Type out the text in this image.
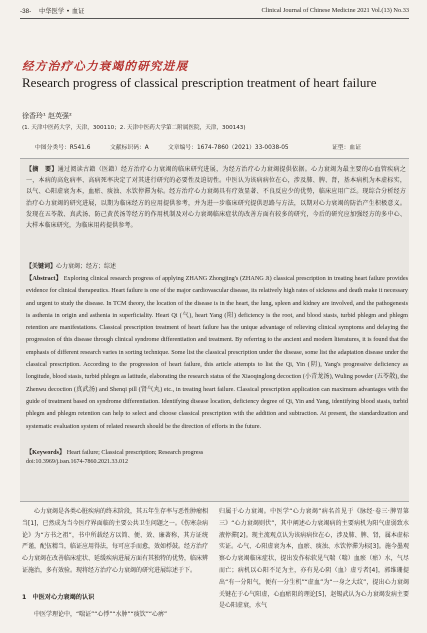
-38- 中华医学 • 血证	Clinical Journal of Chinese Medicine 2021 Vol.(13) No.33
经方治疗心力衰竭的研究进展
Research progress of classical prescription treatment of heart failure
徐香玲¹ 赵英强²
(1. 天津中医药大学，天津，300110；2. 天津中医药大学第二附属医院，天津，300143)
中图分类号：R541.6	文献标识码：A	文章编号：1674-7860（2021）33-0038-05	证型：血证
【摘　要】通过阅读古籍（医籍）经方治疗心力衰竭的临床研究进展，为经方治疗心力衰竭提供依据。心力衰竭为最主要的心血管疾病之一，本病的高危病率、高病死率决定了对其进行研究的必要性及迫切性。中医认为该病病位在心，涉及肺、脾、肾，基本病机为本虚标实，以气、心阳虚衰为本，血瘀、痰浊、水饮停滞为标。经方治疗心力衰竭具有疗效显著、不良反应少的优势，临床应用广泛。现综合分析经方治疗心力衰竭的研究进展，以期为临床经方的应用提供参考，并为进一步临床研究提供思路与方法，以期对心力衰竭的防治产生积极意义。发现在五苓散、真武汤、防己黄芪汤等经方的作用机制及对心力衰竭临床症状的改善方面有较多的研究，今后的研究应加强经方的多中心、大样本临床研究，为临床用药提供参考。
【关键词】心力衰竭；经方；综述
【Abstract】 Exploring clinical research progress of applying ZHANG Zhongjing's (ZHANG Ji) classical prescription in treating heart failure provides evidence for clinical therapeutics. Heart failure is one of the major cardiovascular disease, its relatively high rates of sickness and death make it necessary and urgent to study the disease. In TCM theory, the location of the disease is in the heart, the lung, spleen and kidney are involved, and the pathogenesis is asthenia in origin and asthenia in superficiality. Heart Qi (气), heart Yang (阳) deficiency is the root, and blood stasis, turbid phlegm and phlegm retention are manifestations. Classical prescription treatment of heart failure has the unique advantage of relieving clinical symptoms and delaying the progression of this disease through clinical syndrome differentiation and treatment. By referring to the ancient and modern literatures, it is found that the emphasis of different research varies in sorting technique. Some list the classical prescription under the disease, some list the adaptation disease under the classical prescription. According to the progression of heart failure, this article attempts to list the Qi, Yin (阴), Yang's progressive deficiency as longitude, blood stasis, turbid phlegm as latitude, elaborating the research status of the Xiaoqinglong decoction (小青龙汤), Wuling powder (五苓散), the Zhenwu decoction (真武汤) and Shenqi pill (肾气丸) etc., in treating heart failure. Classical prescription application can maximum advantages with the guide of treatment based on syndrome differentiation. Identifying disease location, deficiency degree of Qi, Yin and Yang, identifying blood stasis, turbid phlegm and phlegm retention can help to select and choose classical prescription with the addition and subtraction. At present, the standardization and systematic evaluation system of related research should be the direction of efforts in the future.
【Keywords】 Heart failure; Classical prescription; Research progress
doi:10.3969/j.issn.1674-7860.2021.33.012
心力衰竭是各类心脏疾病的终末阶段，其五年生存率与恶性肿瘤相当[1]，已然成为当今医疗界面临的主要公共卫生问题之一。《伤寒杂病论》为“方书之祖”，书中所载经方以简、便、效、廉著称，其方证统严谨，配伍精当，临证应用得法，每可应手而愈，效如桴鼓。经方治疗心力衰竭在改善临床症状、延缓疾病进展方面有其独特的优势，临床辨证施治，多有效验。现将经方治疗心力衰竭的研究进展综述于下。
1　中医对心力衰竭的认识
中医学理论中，“喘证”“心悸”“水肿”“痰饮”“心痹”
归属于心力衰竭。中医学“心力衰竭”病名首见于《脉经·卷三·脾胃第三》“心力衰竭则伏”，其中阐述心力衰竭病的主要病机为阳气虚弱致水液停滞[2]。现主流观点认为该病病位在心，涉及肺、脾、肾，属本虚标实证。心气、心阳虚衰为本，血瘀、痰浊、水饮停滞为标[3]。施今墨观察心力衰竭临床症状，提出发作标软见气喘（喘）血瘀（瘀）水，气尽而亡；病机以心阳不足为主，亦有见心阴（血）虚亏者[4]，郭维珊提出“有一分阳气，便有一分生机”“虚血”为“一身之大纹”，提出心力衰竭关键在于心气阳虚，心血瘀阻的理论[5]，赵锡武认为心力衰竭发病主要是心阳虚衰，水气
